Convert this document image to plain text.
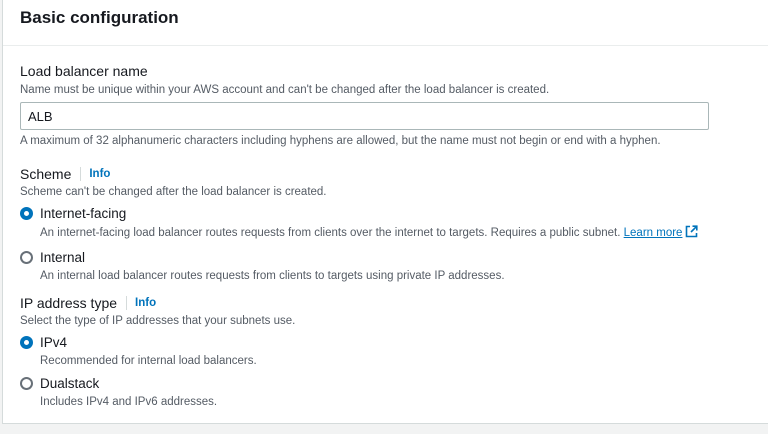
Basic configuration
Load balancer name
Name must be unique within your AWS account and can't be changed after the load balancer is created.
ALB
A maximum of 32 alphanumeric characters including hyphens are allowed, but the name must not begin or end with a hyphen.
Scheme Info
Scheme can't be changed after the load balancer is created.
Internet-facing
An internet-facing load balancer routes requests from clients over the internet to targets. Requires a public subnet. Learn more
Internal
An internal load balancer routes requests from clients to targets using private IP addresses.
IP address type Info
Select the type of IP addresses that your subnets use.
IPv4
Recommended for internal load balancers.
Dualstack
Includes IPv4 and IPv6 addresses.
